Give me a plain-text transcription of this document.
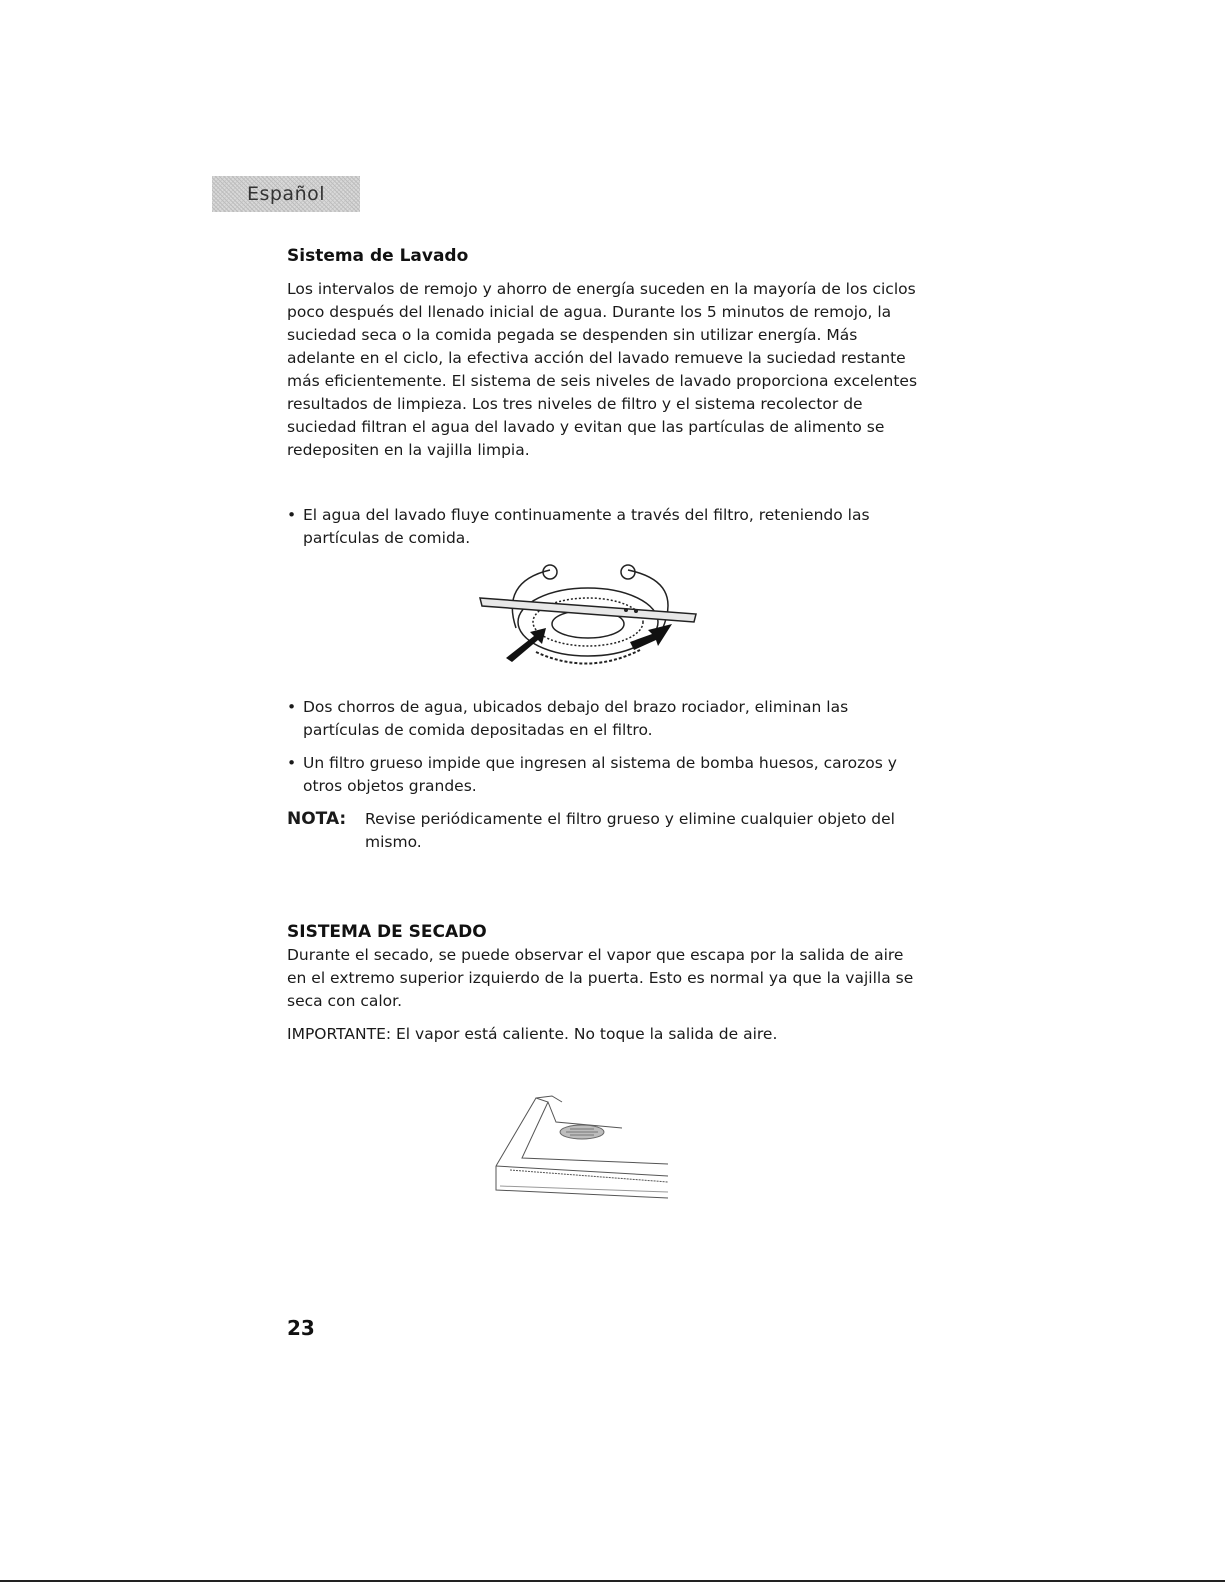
Español
Sistema de Lavado

Los intervalos de remojo y ahorro de energía suceden en la mayoría de los ciclos poco después del llenado inicial de agua. Durante los 5 minutos de remojo, la suciedad seca o la comida pegada se despenden sin utilizar energía. Más adelante en el ciclo, la efectiva acción del lavado remueve la suciedad restante más eficientemente. El sistema de seis niveles de lavado proporciona excelentes resultados de limpieza. Los tres niveles de filtro y el sistema recolector de suciedad filtran el agua del lavado y evitan que las partículas de alimento se redepositen en la vajilla limpia.

• El agua del lavado fluye continuamente a través del filtro, reteniendo las partículas de comida.

• Dos chorros de agua, ubicados debajo del brazo rociador, eliminan las partículas de comida depositadas en el filtro.

• Un filtro grueso impide que ingresen al sistema de bomba huesos, carozos y otros objetos grandes.

NOTA: Revise periódicamente el filtro grueso y elimine cualquier objeto del mismo.

SISTEMA DE SECADO

Durante el secado, se puede observar el vapor que escapa por la salida de aire en el extremo superior izquierdo de la puerta. Esto es normal ya que la vajilla se seca con calor.

IMPORTANTE: El vapor está caliente. No toque la salida de aire.

23
